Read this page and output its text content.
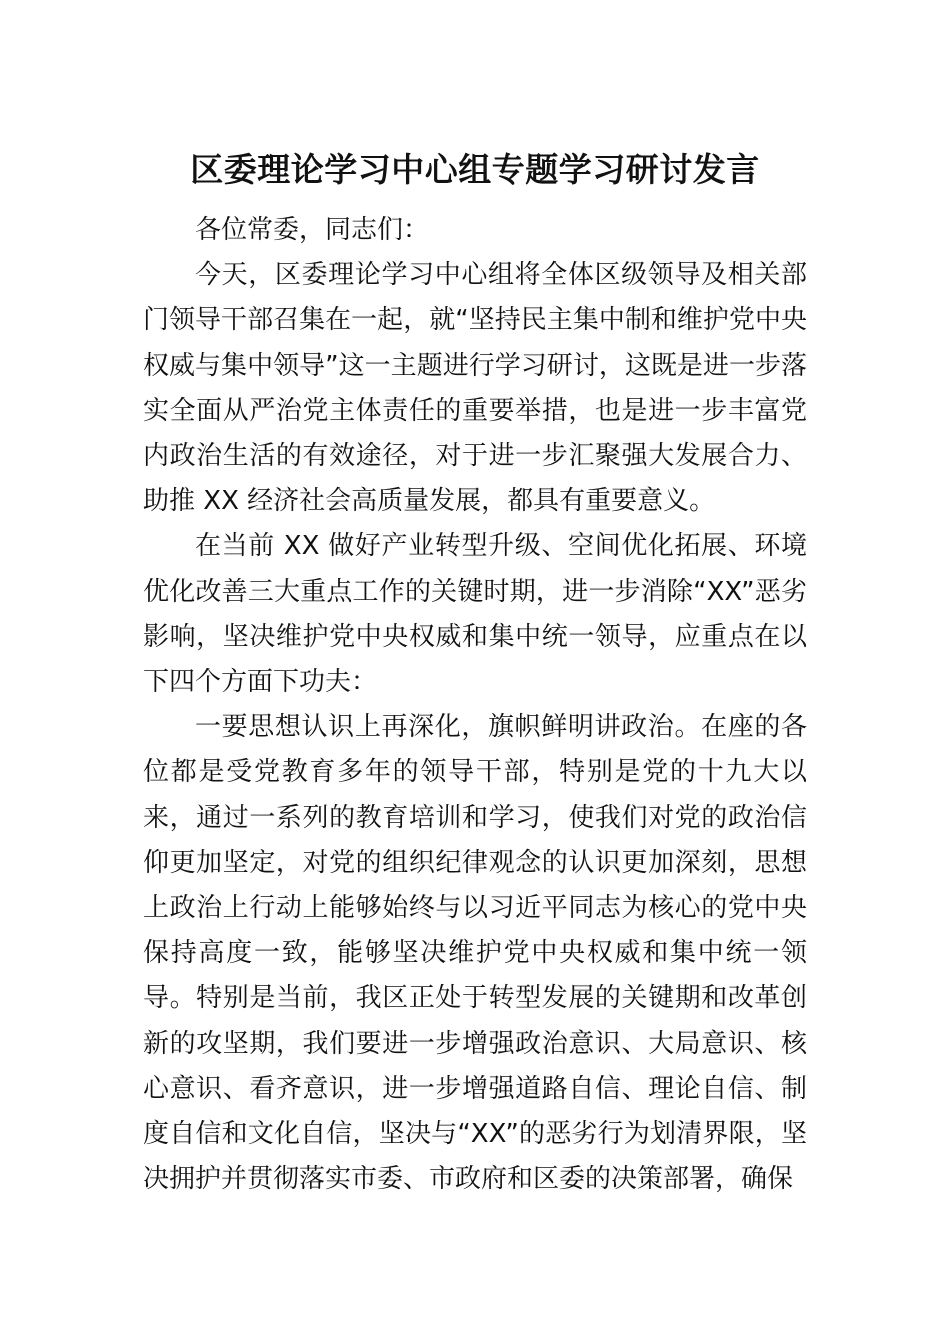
区委理论学习中心组专题学习研讨发言

各位常委，同志们：

今天，区委理论学习中心组将全体区级领导及相关部门领导干部召集在一起，就“坚持民主集中制和维护党中央权威与集中领导”这一主题进行学习研讨，这既是进一步落实全面从严治党主体责任的重要举措，也是进一步丰富党内政治生活的有效途径，对于进一步汇聚强大发展合力、助推 XX 经济社会高质量发展，都具有重要意义。

在当前 XX 做好产业转型升级、空间优化拓展、环境优化改善三大重点工作的关键时期，进一步消除“XX”恶劣影响，坚决维护党中央权威和集中统一领导，应重点在以下四个方面下功夫：

一要思想认识上再深化，旗帜鲜明讲政治。在座的各位都是受党教育多年的领导干部，特别是党的十九大以来，通过一系列的教育培训和学习，使我们对党的政治信仰更加坚定，对党的组织纪律观念的认识更加深刻，思想上政治上行动上能够始终与以习近平同志为核心的党中央保持高度一致，能够坚决维护党中央权威和集中统一领导。特别是当前，我区正处于转型发展的关键期和改革创新的攻坚期，我们要进一步增强政治意识、大局意识、核心意识、看齐意识，进一步增强道路自信、理论自信、制度自信和文化自信，坚决与“XX”的恶劣行为划清界限，坚决拥护并贯彻落实市委、市政府和区委的决策部署，确保
